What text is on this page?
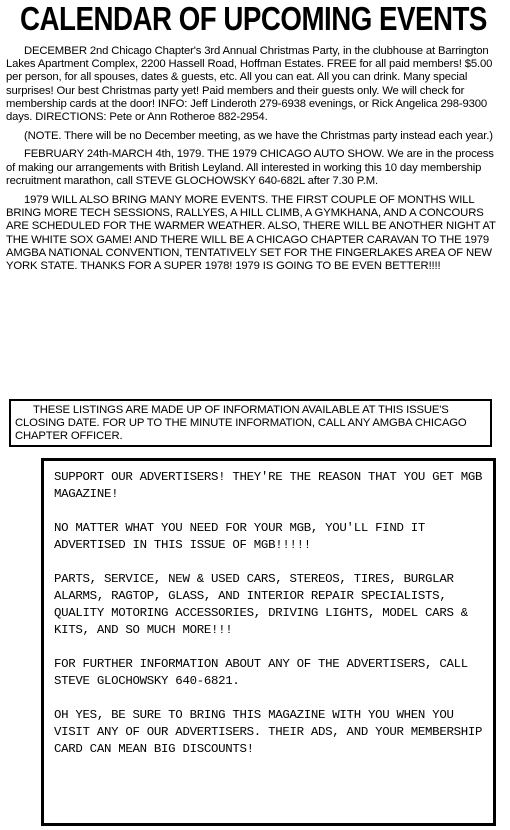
CALENDAR OF UPCOMING EVENTS

DECEMBER 2nd Chicago Chapter's 3rd Annual Christmas Party, in the clubhouse at Barrington Lakes Apartment Complex, 2200 Hassell Road, Hoffman Estates. FREE for all paid members! $5.00 per person, for all spouses, dates & guests, etc. All you can eat. All you can drink. Many special surprises! Our best Christmas party yet! Paid members and their guests only. We will check for membership cards at the door! INFO: Jeff Linderoth 279-6938 evenings, or Rick Angelica 298-9300 days. DIRECTIONS: Pete or Ann Rotheroe 882-2954.

(NOTE. There will be no December meeting, as we have the Christmas party instead each year.)

FEBRUARY 24th-MARCH 4th, 1979. THE 1979 CHICAGO AUTO SHOW. We are in the process of making our arrangements with British Leyland. All interested in working this 10 day membership recruitment marathon, call STEVE GLOCHOWSKY 640-682L after 7.30 P.M.

1979 WILL ALSO BRING MANY MORE EVENTS. THE FIRST COUPLE OF MONTHS WILL BRING MORE TECH SESSIONS, RALLYES, A HILL CLIMB, A GYMKHANA, AND A CONCOURS ARE SCHEDULED FOR THE WARMER WEATHER. ALSO, THERE WILL BE ANOTHER NIGHT AT THE WHITE SOX GAME! AND THERE WILL BE A CHICAGO CHAPTER CARAVAN TO THE 1979 AMGBA NATIONAL CONVENTION, TENTATIVELY SET FOR THE FINGERLAKES AREA OF NEW YORK STATE. THANKS FOR A SUPER 1978! 1979 IS GOING TO BE EVEN BETTER!!!!

THESE LISTINGS ARE MADE UP OF INFORMATION AVAILABLE AT THIS ISSUE'S CLOSING DATE. FOR UP TO THE MINUTE INFORMATION, CALL ANY AMGBA CHICAGO CHAPTER OFFICER.

SUPPORT OUR ADVERTISERS! THEY'RE THE REASON THAT YOU GET MGB MAGAZINE!

NO MATTER WHAT YOU NEED FOR YOUR MGB, YOU'LL FIND IT ADVERTISED IN THIS ISSUE OF MGB!!!!!

PARTS, SERVICE, NEW & USED CARS, STEREOS, TIRES, BURGLAR ALARMS, RAGTOP, GLASS, AND INTERIOR REPAIR SPECIALISTS, QUALITY MOTORING ACCESSORIES, DRIVING LIGHTS, MODEL CARS & KITS, AND SO MUCH MORE!!!

FOR FURTHER INFORMATION ABOUT ANY OF THE ADVERTISERS, CALL STEVE GLOCHOWSKY 640-6821.

OH YES, BE SURE TO BRING THIS MAGAZINE WITH YOU WHEN YOU VISIT ANY OF OUR ADVERTISERS. THEIR ADS, AND YOUR MEMBERSHIP CARD CAN MEAN BIG DISCOUNTS!
